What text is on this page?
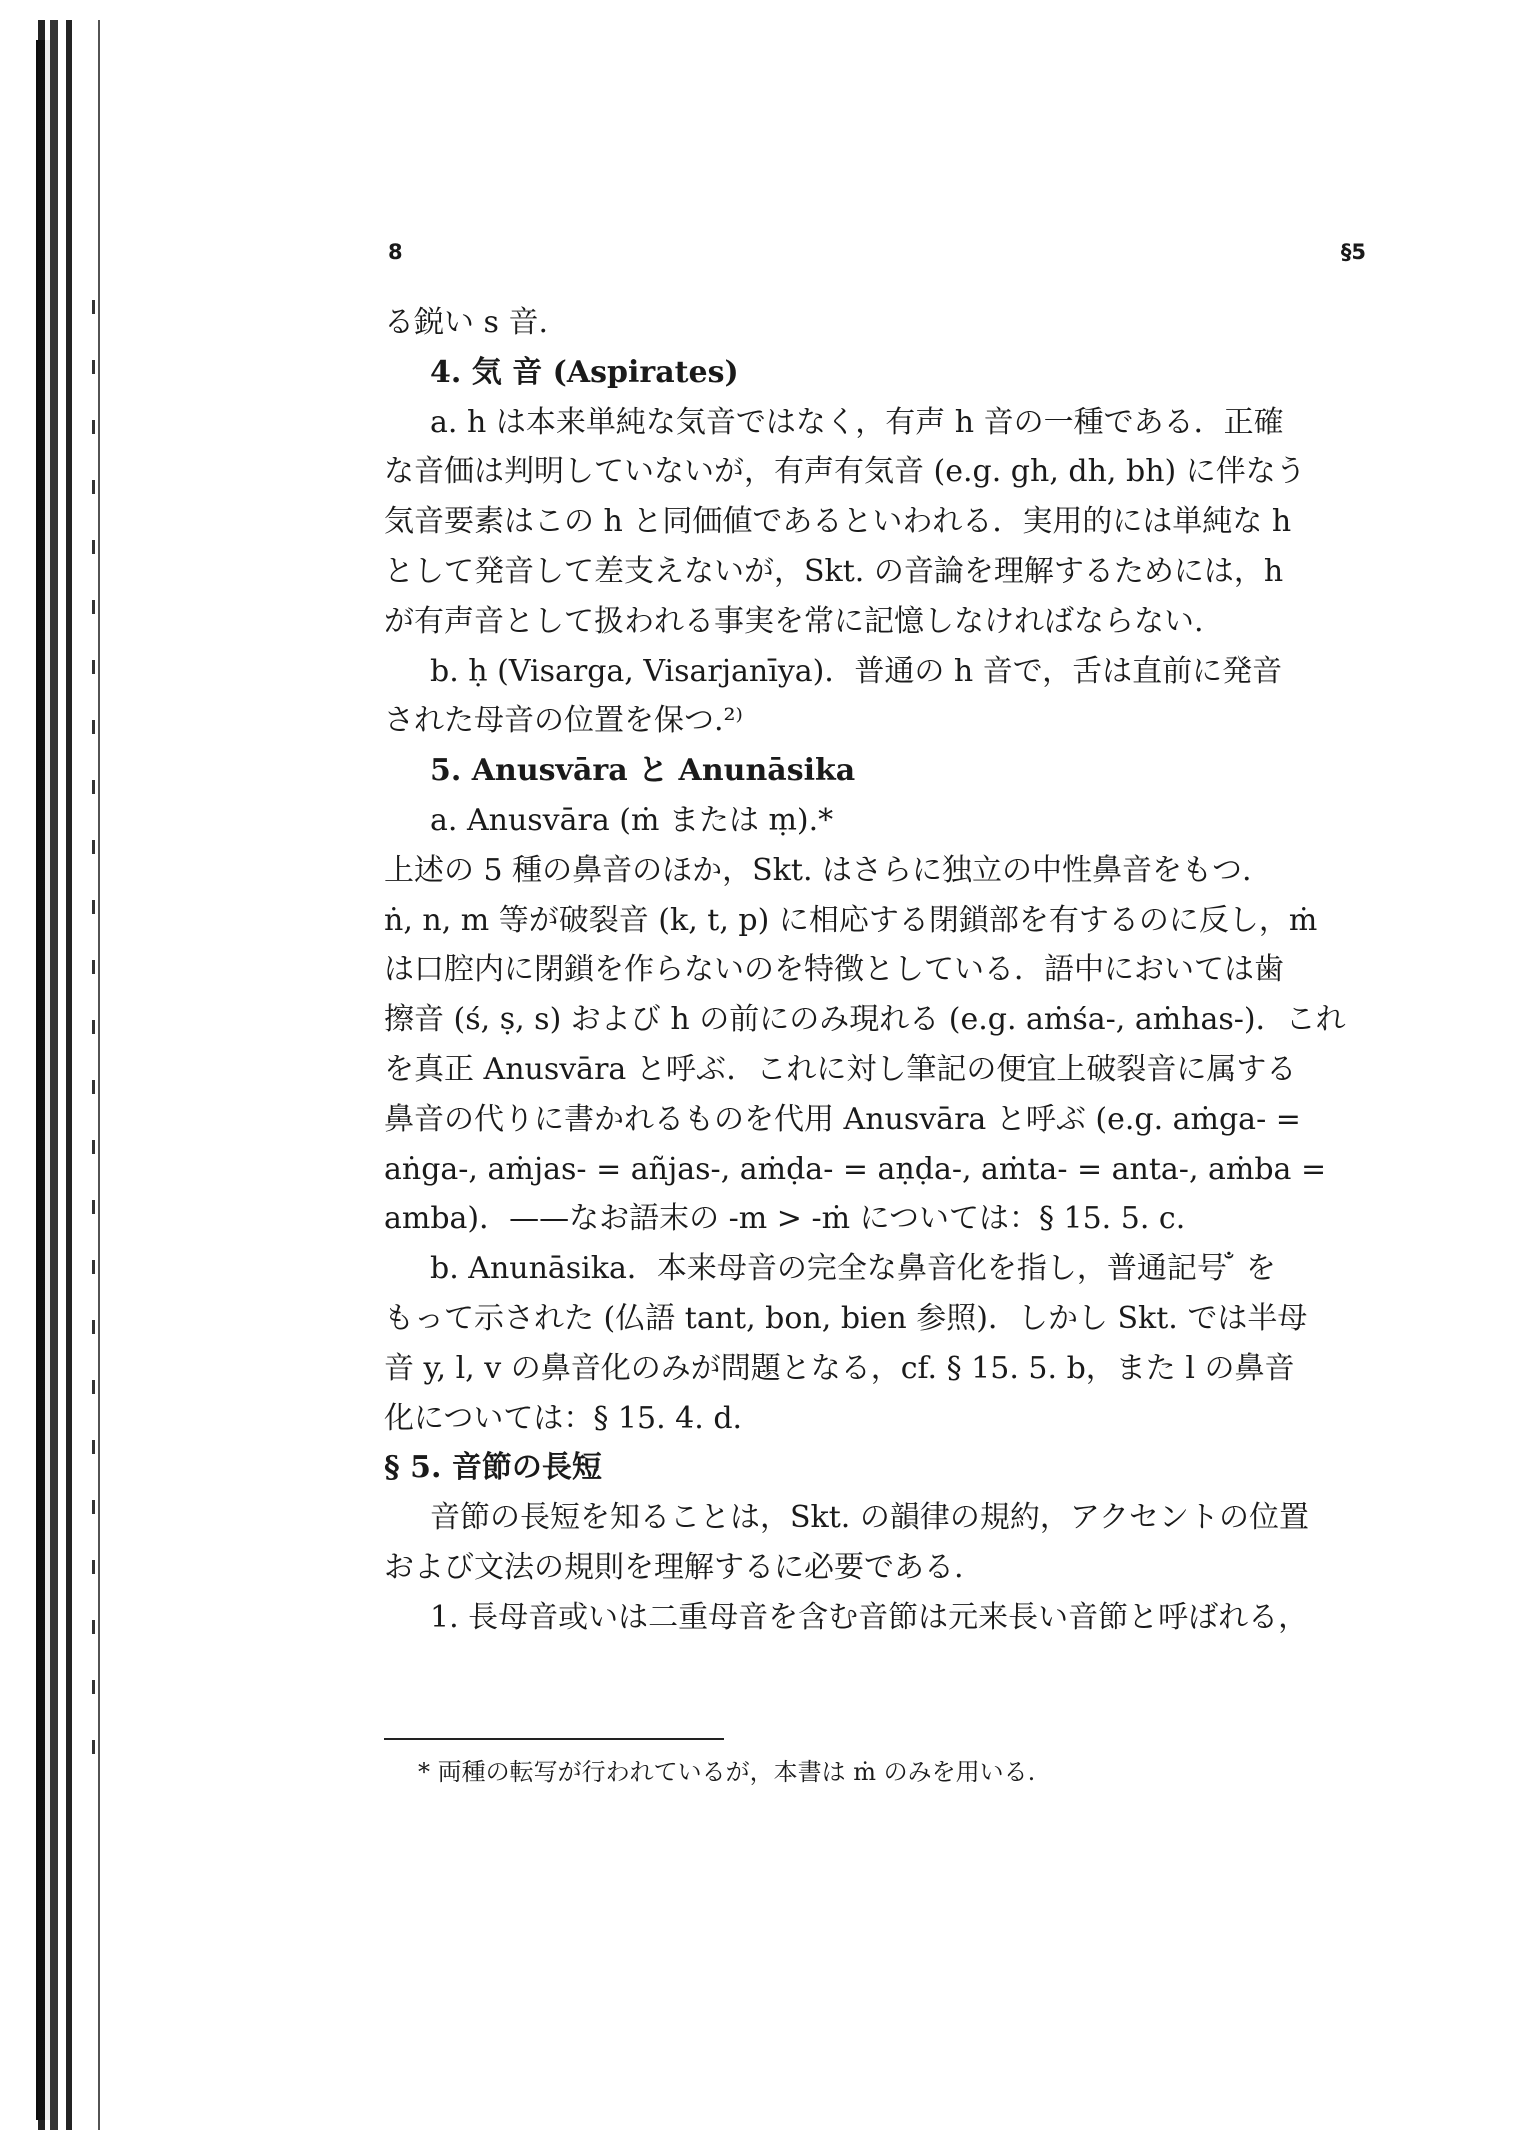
8	§5

る鋭い s 音.

4. 気 音 (Aspirates)

a. h は本来単純な気音ではなく，有声 h 音の一種である．正確

な音価は判明していないが，有声有気音 (e.g. gh, dh, bh) に伴なう

気音要素はこの h と同価値であるといわれる．実用的には単純な h

として発音して差支えないが，Skt. の音論を理解するためには，h

が有声音として扱われる事実を常に記憶しなければならない.

b. ḥ (Visarga, Visarjanīya)．普通の h 音で，舌は直前に発音

された母音の位置を保つ.²⁾

5. Anusvāra と Anunāsika

a. Anusvāra (ṁ または ṃ).*

上述の 5 種の鼻音のほか，Skt. はさらに独立の中性鼻音をもつ.

ṅ, n, m 等が破裂音 (k, t, p) に相応する閉鎖部を有するのに反し，ṁ

は口腔内に閉鎖を作らないのを特徴としている．語中においては歯

擦音 (ś, ṣ, s) および h の前にのみ現れる (e.g. aṁśa-, aṁhas-)．これ

を真正 Anusvāra と呼ぶ．これに対し筆記の便宜上破裂音に属する

鼻音の代りに書かれるものを代用 Anusvāra と呼ぶ (e.g. aṁga- =

aṅga-, aṁjas- = añjas-, aṁḍa- = aṇḍa-, aṁta- = anta-, aṁba =

amba)．——なお語末の -m > -ṁ については：§ 15. 5. c.

b. Anunāsika．本来母音の完全な鼻音化を指し，普通記号 ̐ を

もって示された (仏語 tant, bon, bien 参照)．しかし Skt. では半母

音 y, l, v の鼻音化のみが問題となる，cf. § 15. 5. b，また l の鼻音

化については：§ 15. 4. d.

§ 5. 音節の長短

音節の長短を知ることは，Skt. の韻律の規約，アクセントの位置

および文法の規則を理解するに必要である.

1. 長母音或いは二重母音を含む音節は元来長い音節と呼ばれる，

* 両種の転写が行われているが，本書は ṁ のみを用いる.
